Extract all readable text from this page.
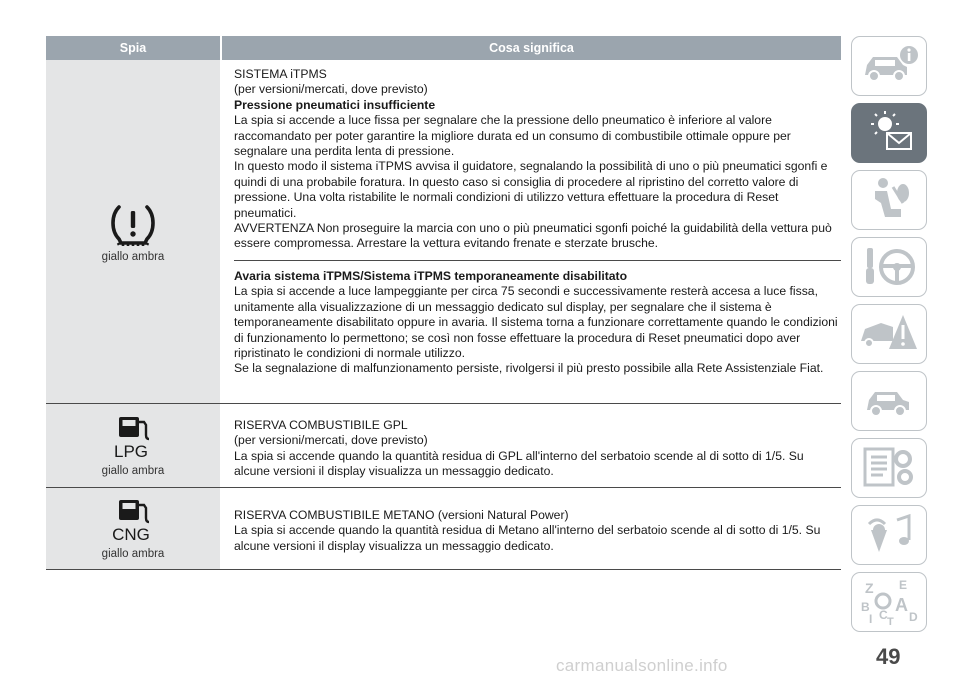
Spia	Cosa significa
giallo ambra

SISTEMA iTPMS

(per versioni/mercati, dove previsto)

Pressione pneumatici insufficiente

La spia si accende a luce fissa per segnalare che la pressione dello pneumatico è inferiore al valore raccomandato per poter garantire la migliore durata ed un consumo di combustibile ottimale oppure per segnalare una perdita lenta di pressione.

In questo modo il sistema iTPMS avvisa il guidatore, segnalando la possibilità di uno o più pneumatici sgonfi e quindi di una probabile foratura. In questo caso si consiglia di procedere al ripristino del corretto valore di pressione. Una volta ristabilite le normali condizioni di utilizzo vettura effettuare la procedura di Reset pneumatici.

AVVERTENZA Non proseguire la marcia con uno o più pneumatici sgonfi poiché la guidabilità della vettura può essere compromessa. Arrestare la vettura evitando frenate e sterzate brusche.

Avaria sistema iTPMS/Sistema iTPMS temporaneamente disabilitato

La spia si accende a luce lampeggiante per circa 75 secondi e successivamente resterà accesa a luce fissa, unitamente alla visualizzazione di un messaggio dedicato sul display, per segnalare che il sistema è temporaneamente disabilitato oppure in avaria. Il sistema torna a funzionare correttamente quando le condizioni di funzionamento lo permettono; se così non fosse effettuare la procedura di Reset pneumatici dopo aver ripristinato le condizioni di normale utilizzo.

Se la segnalazione di malfunzionamento persiste, rivolgersi il più presto possibile alla Rete Assistenziale Fiat.

LPG
giallo ambra

RISERVA COMBUSTIBILE GPL

(per versioni/mercati, dove previsto)

La spia si accende quando la quantità residua di GPL all'interno del serbatoio scende al di sotto di 1/5. Su alcune versioni il display visualizza un messaggio dedicato.

CNG
giallo ambra

RISERVA COMBUSTIBILE METANO (versioni Natural Power)

La spia si accende quando la quantità residua di Metano all'interno del serbatoio scende al di sotto di 1/5. Su alcune versioni il display visualizza un messaggio dedicato.

Z E
B A
C
I T D
49
carmanualsonline.info
